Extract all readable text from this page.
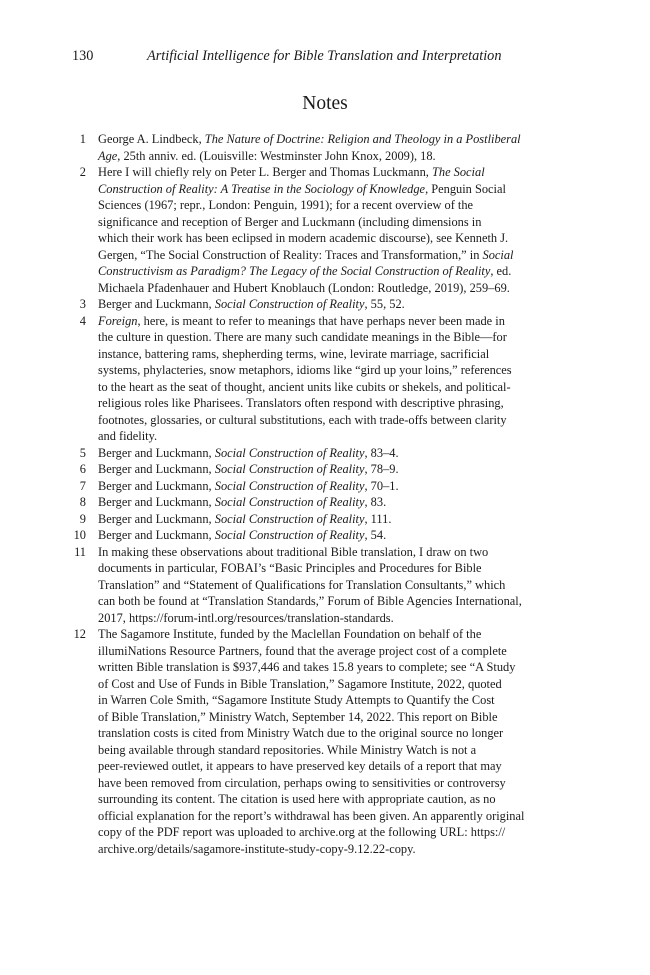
130	Artificial Intelligence for Bible Translation and Interpretation
Notes
1 George A. Lindbeck, The Nature of Doctrine: Religion and Theology in a Postliberal
Age, 25th anniv. ed. (Louisville: Westminster John Knox, 2009), 18.
2 Here I will chiefly rely on Peter L. Berger and Thomas Luckmann, The Social
Construction of Reality: A Treatise in the Sociology of Knowledge, Penguin Social
Sciences (1967; repr., London: Penguin, 1991); for a recent overview of the
significance and reception of Berger and Luckmann (including dimensions in
which their work has been eclipsed in modern academic discourse), see Kenneth J.
Gergen, “The Social Construction of Reality: Traces and Transformation,” in Social
Constructivism as Paradigm? The Legacy of the Social Construction of Reality, ed.
Michaela Pfadenhauer and Hubert Knoblauch (London: Routledge, 2019), 259–69.
3 Berger and Luckmann, Social Construction of Reality, 55, 52.
4 Foreign, here, is meant to refer to meanings that have perhaps never been made in
the culture in question. There are many such candidate meanings in the Bible—for
instance, battering rams, shepherding terms, wine, levirate marriage, sacrificial
systems, phylacteries, snow metaphors, idioms like “gird up your loins,” references
to the heart as the seat of thought, ancient units like cubits or shekels, and political-
religious roles like Pharisees. Translators often respond with descriptive phrasing,
footnotes, glossaries, or cultural substitutions, each with trade-offs between clarity
and fidelity.
5 Berger and Luckmann, Social Construction of Reality, 83–4.
6 Berger and Luckmann, Social Construction of Reality, 78–9.
7 Berger and Luckmann, Social Construction of Reality, 70–1.
8 Berger and Luckmann, Social Construction of Reality, 83.
9 Berger and Luckmann, Social Construction of Reality, 111.
10 Berger and Luckmann, Social Construction of Reality, 54.
11 In making these observations about traditional Bible translation, I draw on two
documents in particular, FOBAI’s “Basic Principles and Procedures for Bible
Translation” and “Statement of Qualifications for Translation Consultants,” which
can both be found at “Translation Standards,” Forum of Bible Agencies International,
2017, https://forum-intl.org/resources/translation-standards.
12 The Sagamore Institute, funded by the Maclellan Foundation on behalf of the
illumiNations Resource Partners, found that the average project cost of a complete
written Bible translation is $937,446 and takes 15.8 years to complete; see “A Study
of Cost and Use of Funds in Bible Translation,” Sagamore Institute, 2022, quoted
in Warren Cole Smith, “Sagamore Institute Study Attempts to Quantify the Cost
of Bible Translation,” Ministry Watch, September 14, 2022. This report on Bible
translation costs is cited from Ministry Watch due to the original source no longer
being available through standard repositories. While Ministry Watch is not a
peer-reviewed outlet, it appears to have preserved key details of a report that may
have been removed from circulation, perhaps owing to sensitivities or controversy
surrounding its content. The citation is used here with appropriate caution, as no
official explanation for the report’s withdrawal has been given. An apparently original
copy of the PDF report was uploaded to archive.org at the following URL: https://
archive.org/details/sagamore-institute-study-copy-9.12.22-copy.
